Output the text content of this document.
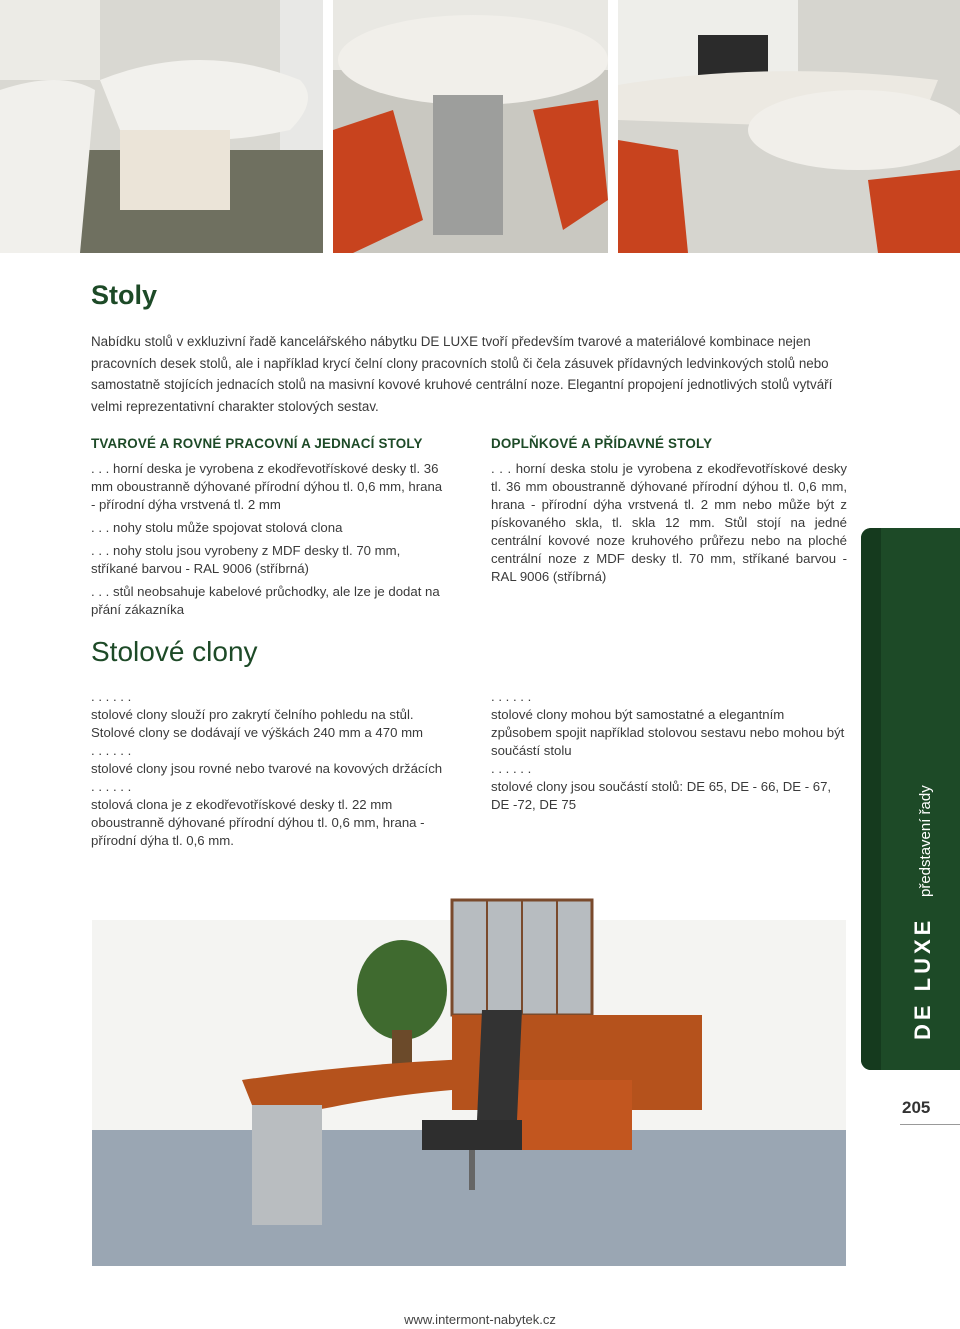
Stoly

Nabídku stolů v exkluzivní řadě kancelářského nábytku DE LUXE tvoří především tvarové a materiálové kombinace nejen pracovních desek stolů, ale i například krycí čelní clony pracovních stolů či čela zásuvek přídavných ledvinkových stolů nebo samostatně stojících jednacích stolů na masivní kovové kruhové centrální noze. Elegantní propojení jednotlivých stolů vytváří velmi reprezentativní charakter stolových sestav.

TVAROVÉ A ROVNÉ PRACOVNÍ A JEDNACÍ STOLY

. . . horní deska je vyrobena z ekodřevotřískové desky tl. 36 mm oboustranně dýhované přírodní dýhou tl. 0,6 mm, hrana - přírodní dýha vrstvená tl. 2 mm

. . . nohy stolu může spojovat stolová clona

. . . nohy stolu jsou vyrobeny z MDF desky tl. 70 mm, stříkané barvou - RAL 9006 (stříbrná)

. . . stůl neobsahuje kabelové průchodky, ale lze je dodat na přání zákazníka

DOPLŇKOVÉ A PŘÍDAVNÉ STOLY

. . . horní deska stolu je vyrobena z ekodřevotřískové desky tl. 36 mm oboustranně dýhované přírodní dýhou tl. 0,6 mm, hrana - přírodní dýha vrstvená tl. 2 mm nebo může být z pískovaného skla, tl. skla 12 mm. Stůl stojí na jedné centrální kovové noze kruhového průřezu nebo na ploché centrální noze z MDF desky tl. 70 mm, stříkané barvou - RAL 9006 (stříbrná)

Stolové clony

. . . . . .

stolové clony slouží pro zakrytí čelního pohledu na stůl. Stolové clony se dodávají ve výškách 240 mm a 470 mm

. . . . . .

stolové clony jsou rovné nebo tvarové na kovových držácích

. . . . . .

stolová clona je z ekodřevotřískové desky tl. 22 mm oboustranně dýhované přírodní dýhou tl. 0,6 mm, hrana - přírodní dýha tl. 0,6 mm.

. . . . . .

stolové clony mohou být samostatné a elegantním způsobem spojit například stolovou sestavu nebo mohou být součástí stolu

. . . . . .

stolové clony jsou součástí stolů: DE 65, DE - 66, DE - 67, DE -72, DE 75	představení řady
DE LUXE
205
www.intermont-nabytek.cz
